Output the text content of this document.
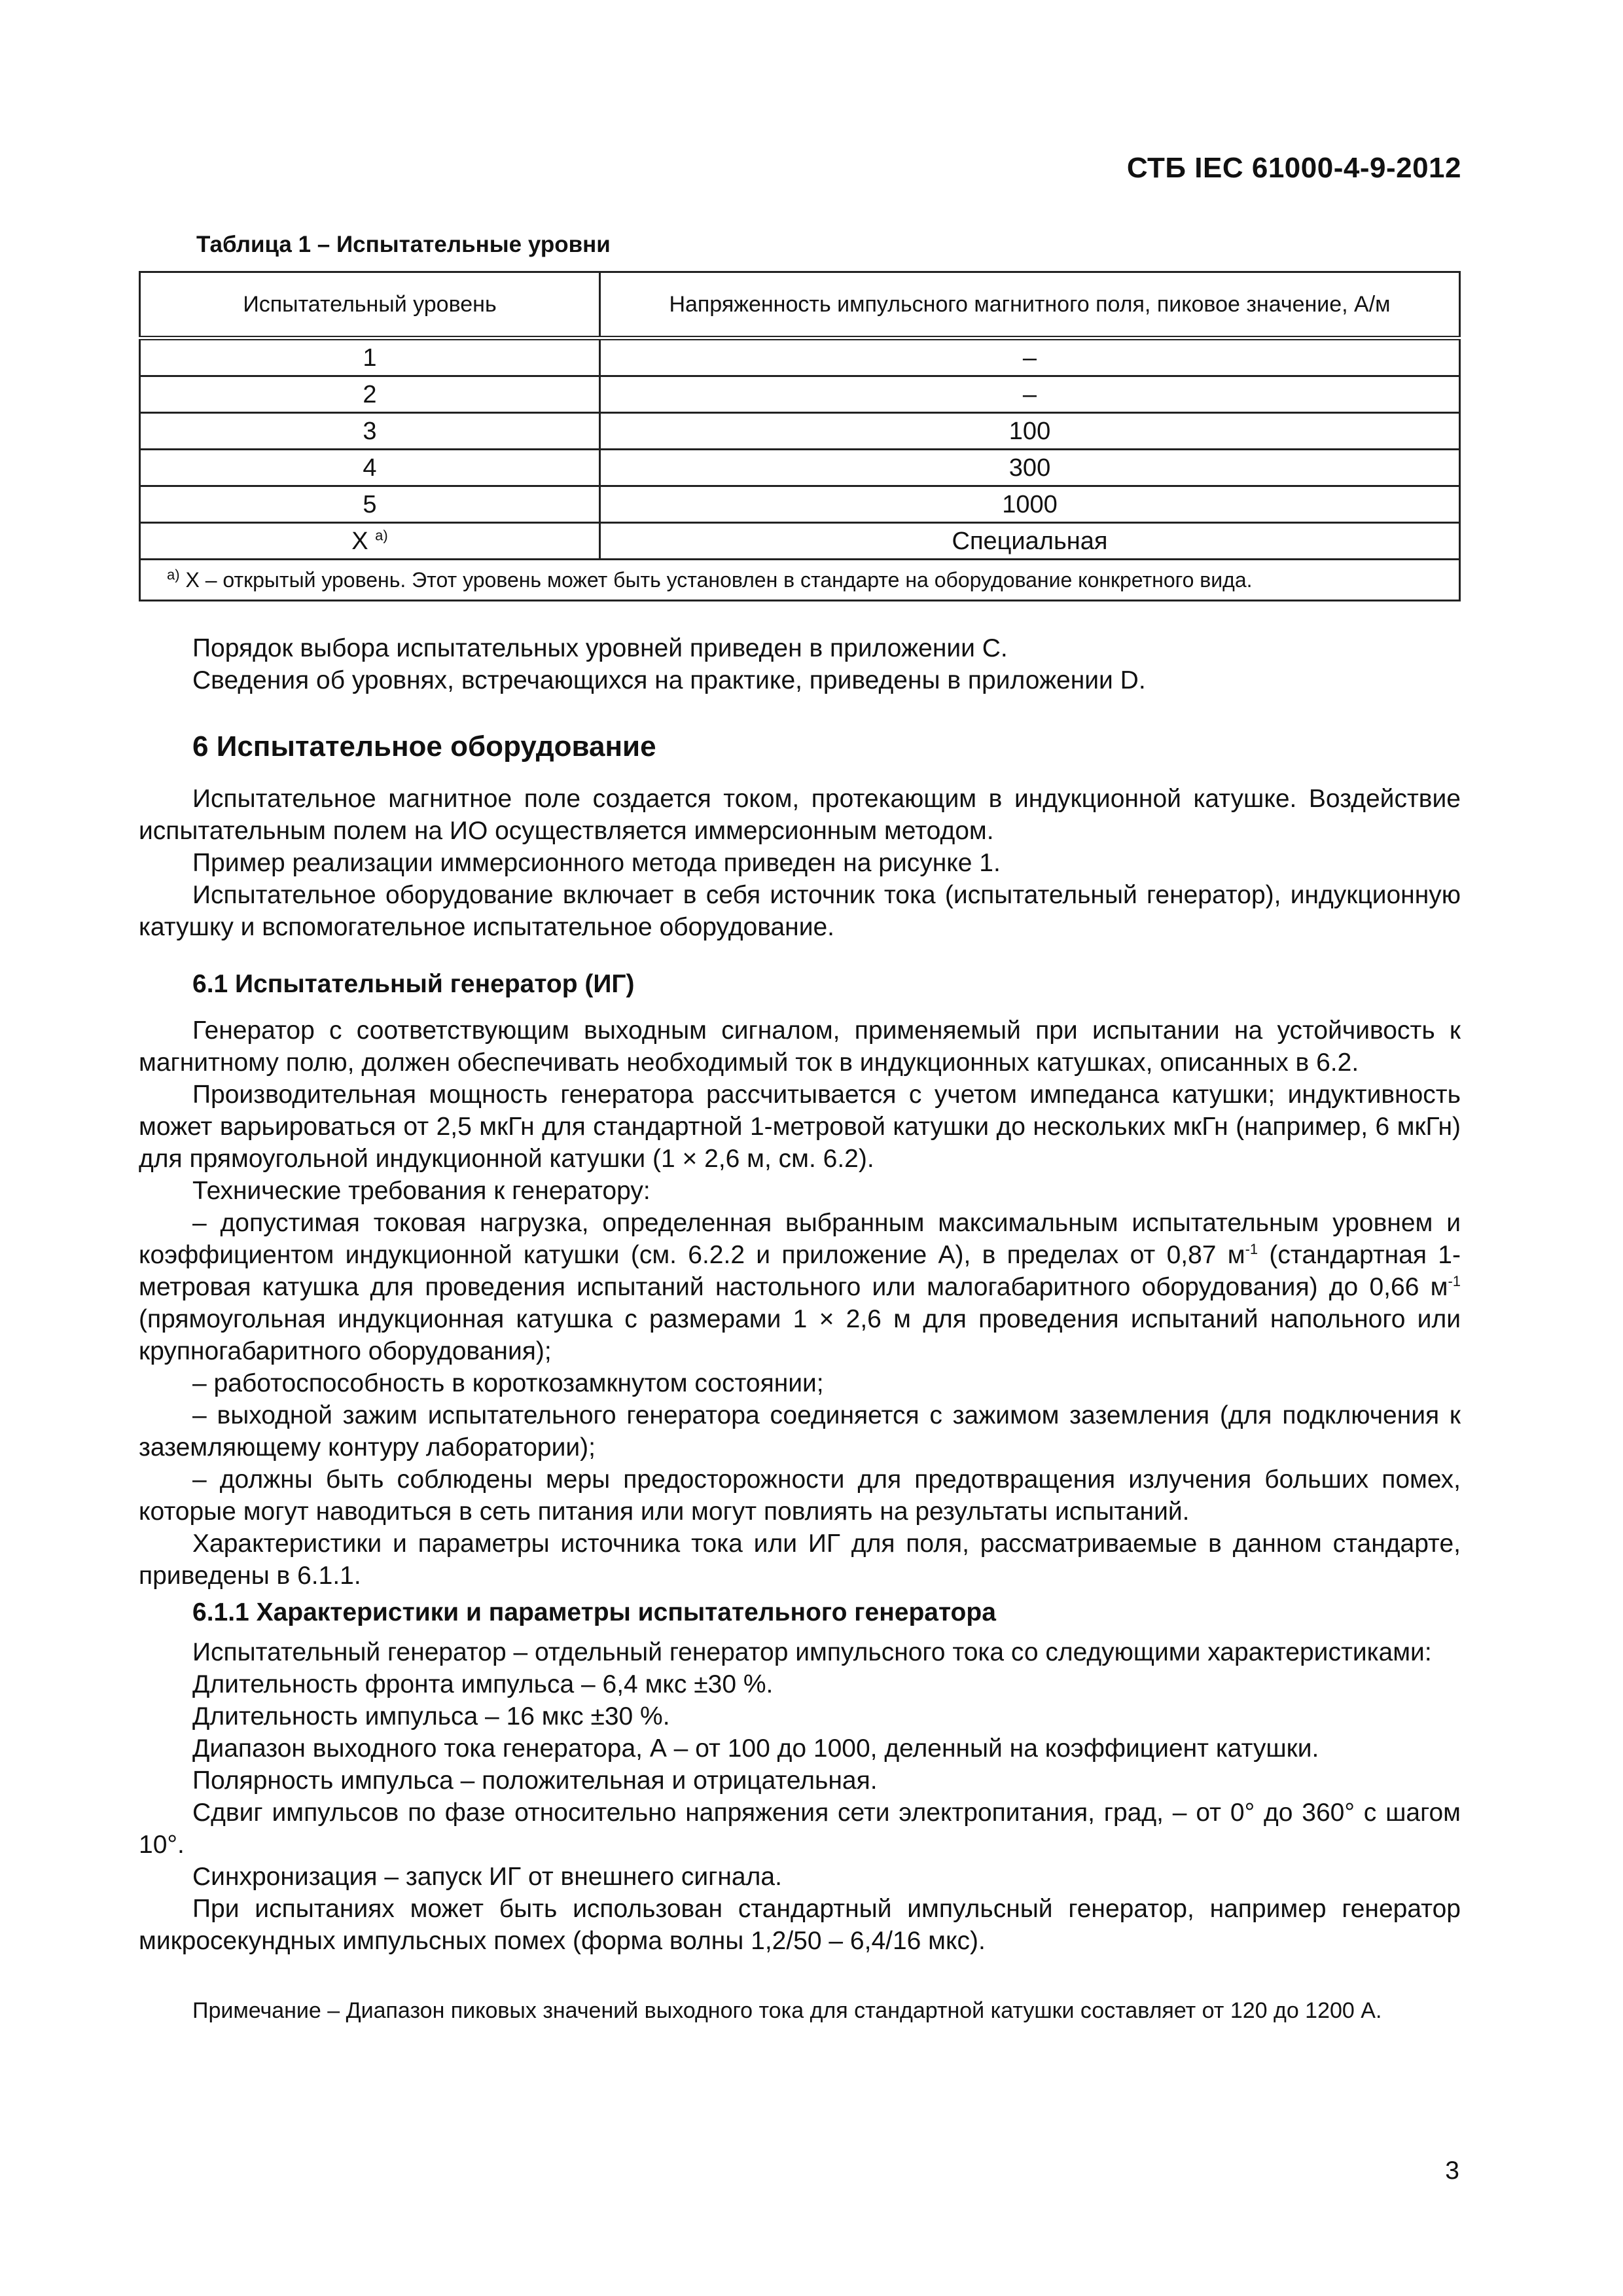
СТБ IEC 61000-4-9-2012
Таблица 1 – Испытательные уровни
Испытательный уровень	Напряженность импульсного магнитного поля, пиковое значение, А/м
1	–
2	–
3	100
4	300
5	1000
X $^{a)}$	Специальная
$^{a)}$ X – открытый уровень. Этот уровень может быть установлен в стандарте на оборудование конкретного вида.	

Порядок выбора испытательных уровней приведен в приложении С.

Сведения об уровнях, встречающихся на практике, приведены в приложении D.

6 Испытательное оборудование

Испытательное магнитное поле создается током, протекающим в индукционной катушке. Воздействие испытательным полем на ИО осуществляется иммерсионным методом.

Пример реализации иммерсионного метода приведен на рисунке 1.

Испытательное оборудование включает в себя источник тока (испытательный генератор), индукционную катушку и вспомогательное испытательное оборудование.

6.1 Испытательный генератор (ИГ)

Генератор с соответствующим выходным сигналом, применяемый при испытании на устойчивость к магнитному полю, должен обеспечивать необходимый ток в индукционных катушках, описанных в 6.2.

Производительная мощность генератора рассчитывается с учетом импеданса катушки; индуктивность может варьироваться от 2,5 мкГн для стандартной 1-метровой катушки до нескольких мкГн (например, 6 мкГн) для прямоугольной индукционной катушки (1 × 2,6 м, см. 6.2).

Технические требования к генератору:

– допустимая токовая нагрузка, определенная выбранным максимальным испытательным уровнем и коэффициентом индукционной катушки (см. 6.2.2 и приложение А), в пределах от 0,87 $м^{-1}$ (стандартная 1-метровая катушка для проведения испытаний настольного или малогабаритного оборудования) до 0,66 $м^{-1}$ (прямоугольная индукционная катушка с размерами 1 × 2,6 м для проведения испытаний напольного или крупногабаритного оборудования);

– работоспособность в короткозамкнутом состоянии;

– выходной зажим испытательного генератора соединяется с зажимом заземления (для подключения к заземляющему контуру лаборатории);

– должны быть соблюдены меры предосторожности для предотвращения излучения больших помех, которые могут наводиться в сеть питания или могут повлиять на результаты испытаний.

Характеристики и параметры источника тока или ИГ для поля, рассматриваемые в данном стандарте, приведены в 6.1.1.

6.1.1 Характеристики и параметры испытательного генератора

Испытательный генератор – отдельный генератор импульсного тока со следующими характеристиками:

Длительность фронта импульса – 6,4 мкс ±30 %.

Длительность импульса – 16 мкс ±30 %.

Диапазон выходного тока генератора, А – от 100 до 1000, деленный на коэффициент катушки.

Полярность импульса – положительная и отрицательная.

Сдвиг импульсов по фазе относительно напряжения сети электропитания, град, – от 0° до 360° с шагом 10°.

Синхронизация – запуск ИГ от внешнего сигнала.

При испытаниях может быть использован стандартный импульсный генератор, например генератор микросекундных импульсных помех (форма волны 1,2/50 – 6,4/16 мкс).

Примечание – Диапазон пиковых значений выходного тока для стандартной катушки составляет от 120 до 1200 А.

3
